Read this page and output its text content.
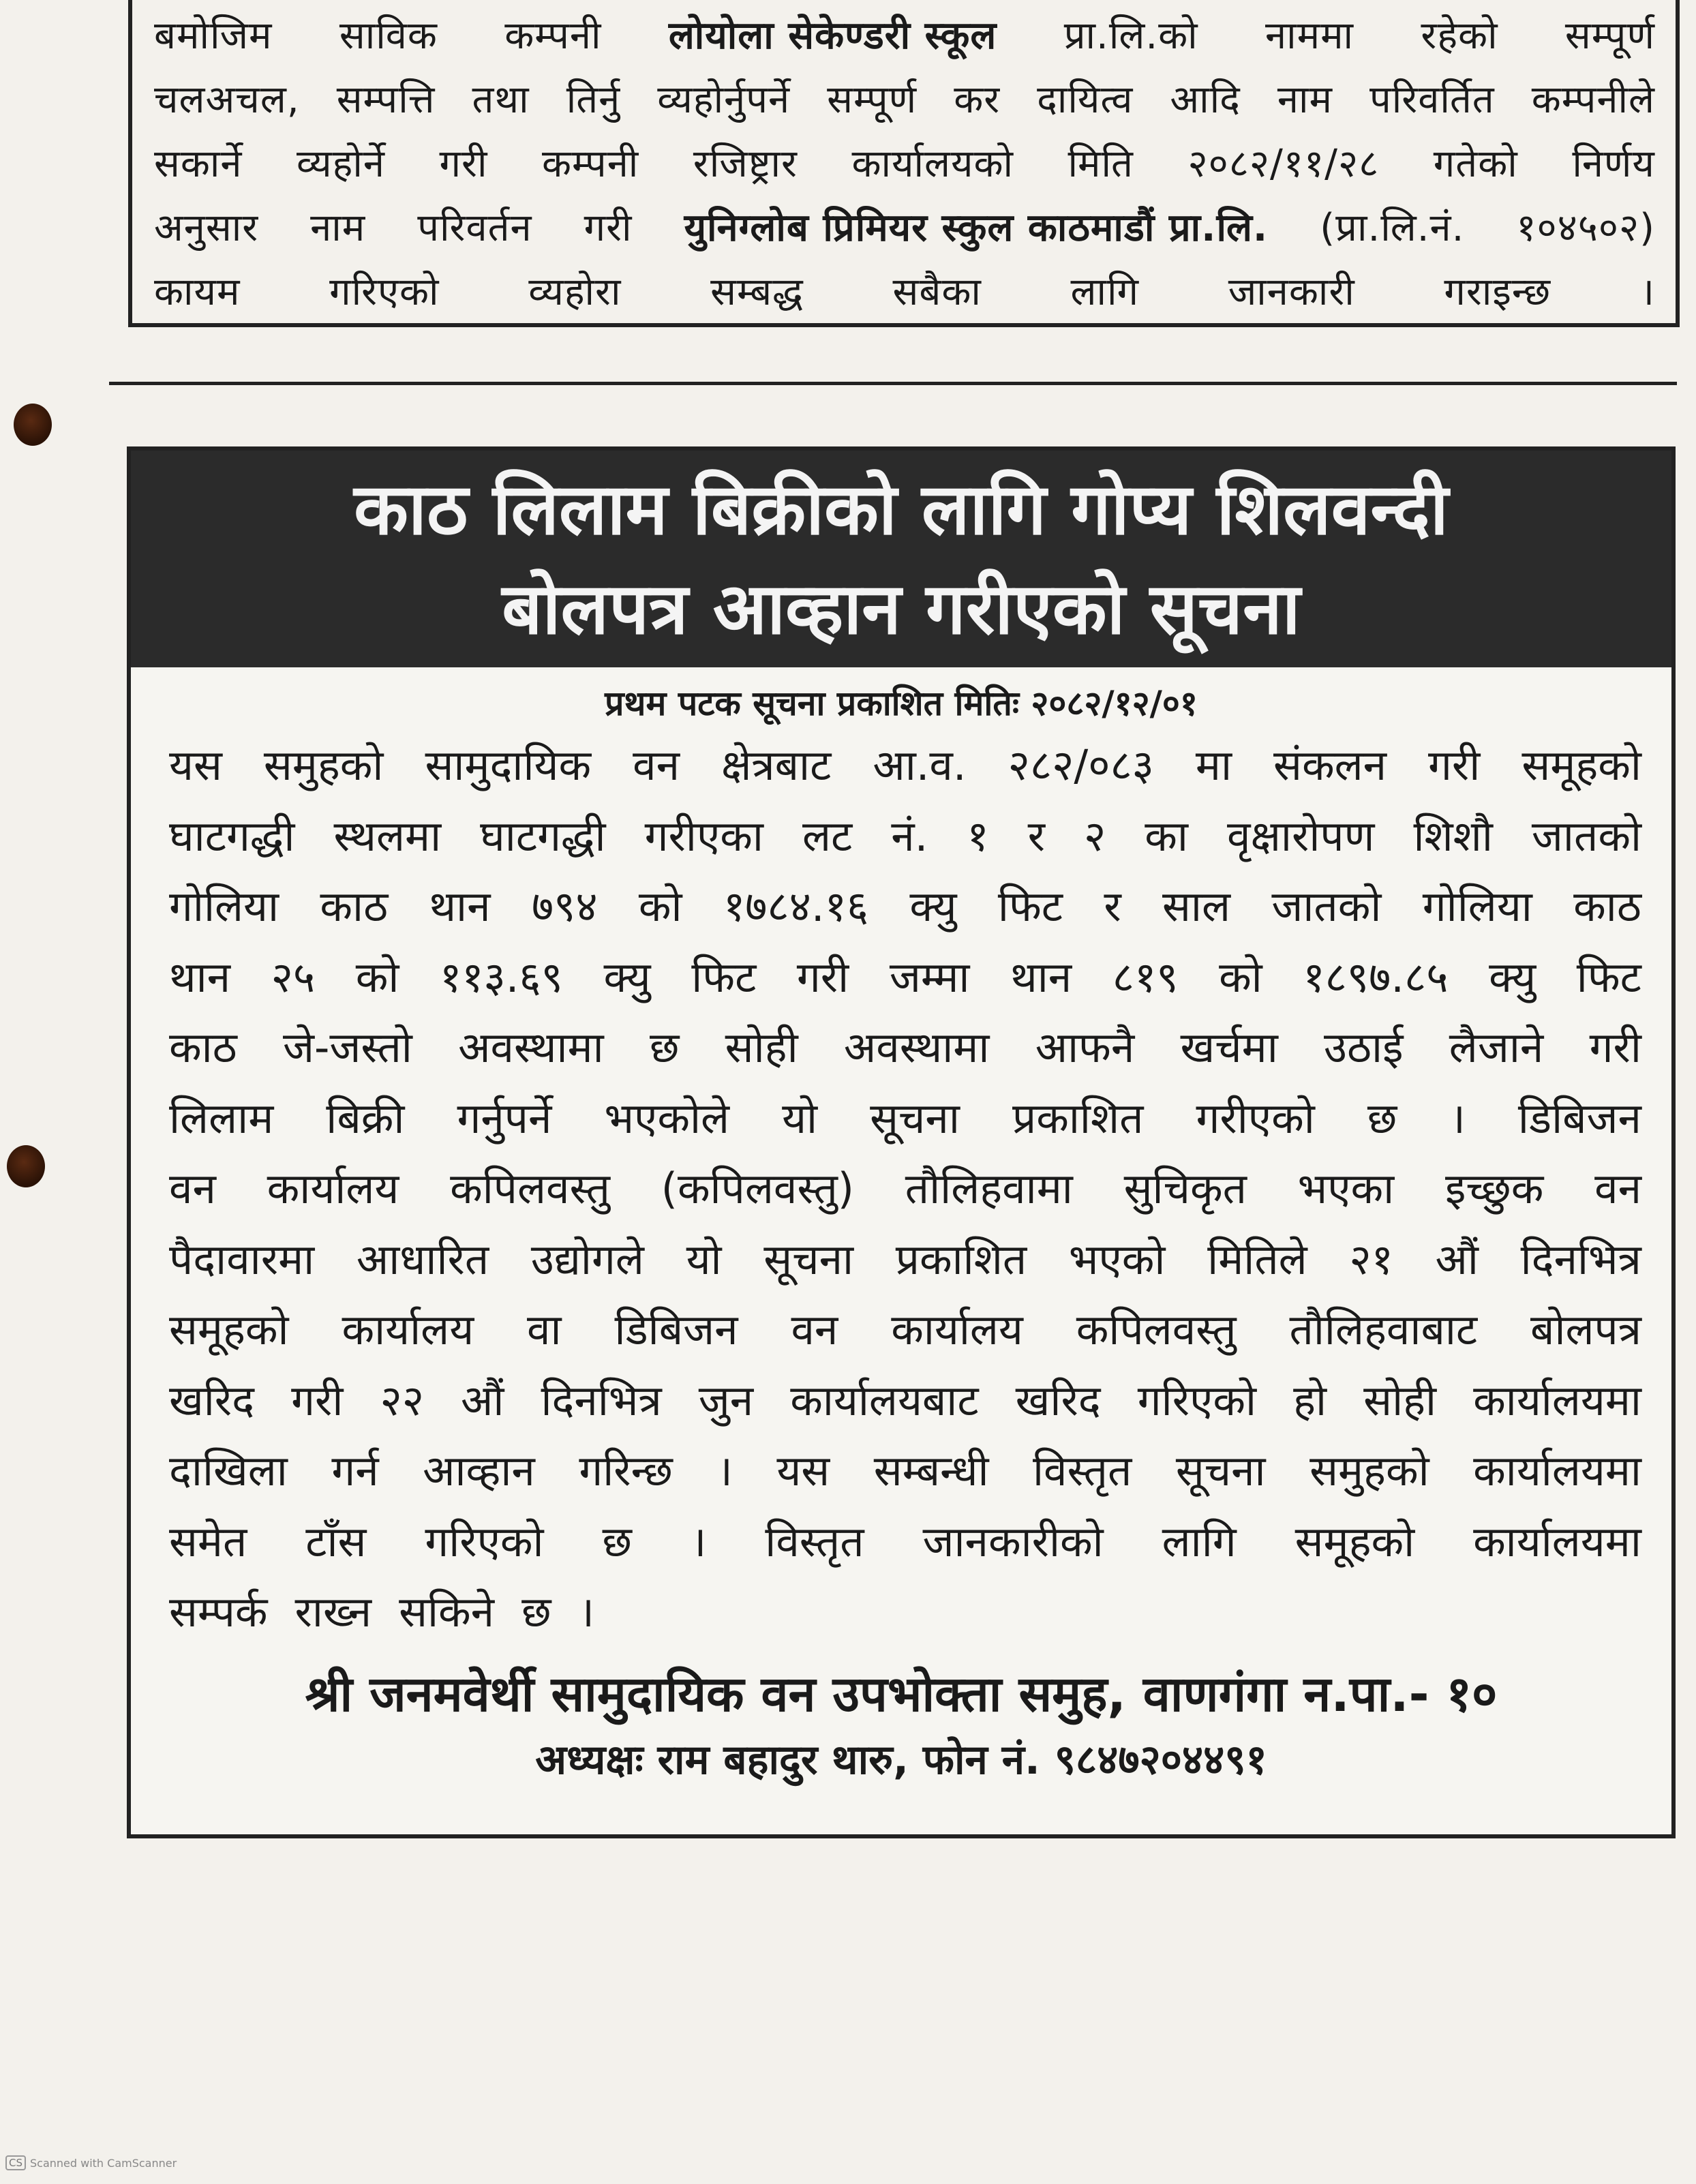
बमोजिम साविक कम्पनी लोयोला सेकेण्डरी स्कूल प्रा.लि.को नाममा रहेको सम्पूर्ण
चलअचल, सम्पत्ति तथा तिर्नु व्यहोर्नुपर्ने सम्पूर्ण कर दायित्व आदि नाम परिवर्तित कम्पनीले
सकार्ने व्यहोर्ने गरी कम्पनी रजिष्ट्रार कार्यालयको मिति २०८२/११/२८ गतेको निर्णय
अनुसार नाम परिवर्तन गरी युनिग्लोब प्रिमियर स्कुल काठमाडौं प्रा.लि. (प्रा.लि.नं. १०४५०२)
कायम गरिएको व्यहोरा सम्बद्ध सबैका लागि जानकारी गराइन्छ ।
काठ लिलाम बिक्रीको लागि गोप्य शिलवन्दी
बोलपत्र आव्हान गरीएको सूचना
प्रथम पटक सूचना प्रकाशित मितिः २०८२/१२/०१
यस समुहको सामुदायिक वन क्षेत्रबाट आ.व. २८२/०८३ मा संकलन गरी समूहको
घाटगद्धी स्थलमा घाटगद्धी गरीएका लट नं. १ र २ का वृक्षारोपण शिशौ जातको
गोलिया काठ थान ७९४ को १७८४.१६ क्यु फिट र साल जातको गोलिया काठ
थान २५ को ११३.६९ क्यु फिट गरी जम्मा थान ८१९ को १८९७.८५ क्यु फिट
काठ जे-जस्तो अवस्थामा छ सोही अवस्थामा आफनै खर्चमा उठाई लैजाने गरी
लिलाम बिक्री गर्नुपर्ने भएकोले यो सूचना प्रकाशित गरीएको छ । डिबिजन
वन कार्यालय कपिलवस्तु (कपिलवस्तु) तौलिहवामा सुचिकृत भएका इच्छुक वन
पैदावारमा आधारित उद्योगले यो सूचना प्रकाशित भएको मितिले २१ औं दिनभित्र
समूहको कार्यालय वा डिबिजन वन कार्यालय कपिलवस्तु तौलिहवाबाट बोलपत्र
खरिद गरी २२ औं दिनभित्र जुन कार्यालयबाट खरिद गरिएको हो सोही कार्यालयमा
दाखिला गर्न आव्हान गरिन्छ । यस सम्बन्धी विस्तृत सूचना समुहको कार्यालयमा
समेत टाँस गरिएको छ । विस्तृत जानकारीको लागि समूहको कार्यालयमा
सम्पर्क राख्न सकिने छ ।
श्री जनमवेर्थी सामुदायिक वन उपभोक्ता समुह, वाणगंगा न.पा.- १०
अध्यक्षः राम बहादुर थारु, फोन नं. ९८४७२०४४९१
CS Scanned with CamScanner
